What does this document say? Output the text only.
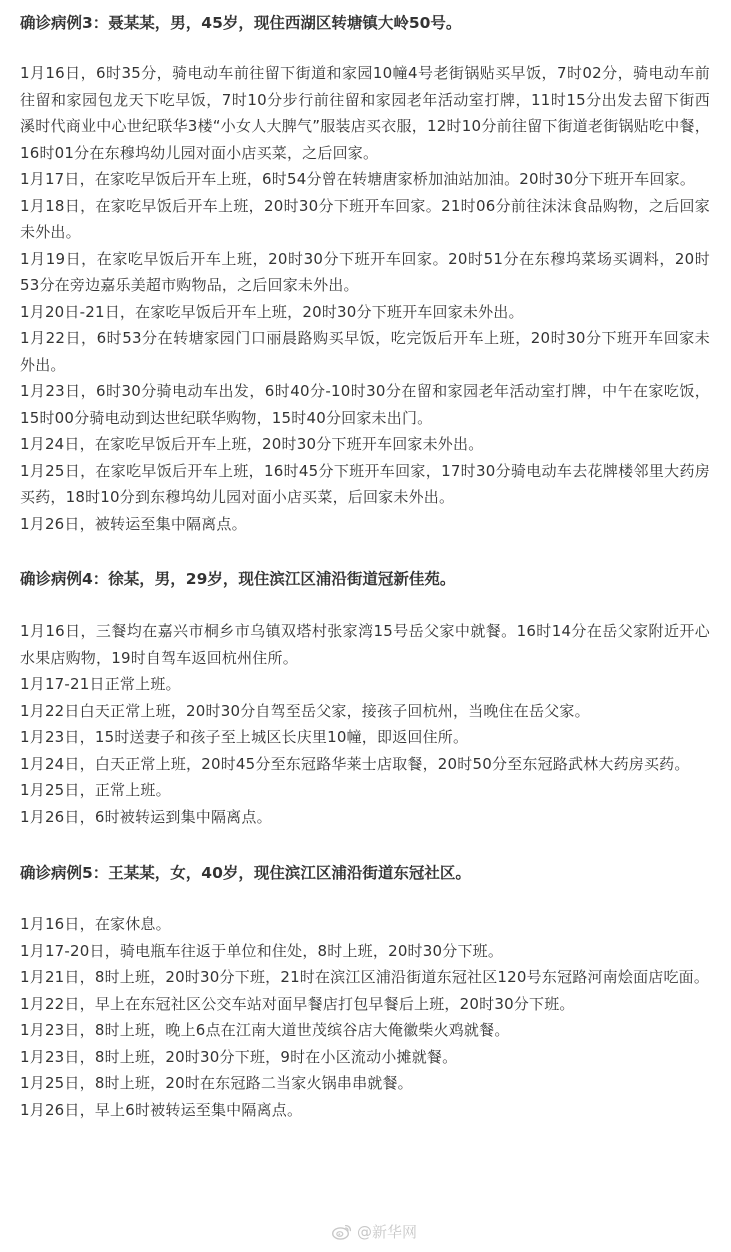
确诊病例3：聂某某，男，45岁，现住西湖区转塘镇大岭50号。

1月16日，6时35分，骑电动车前往留下街道和家园10幢4号老街锅贴买早饭，7时02分，骑电动车前往留和家园包龙天下吃早饭，7时10分步行前往留和家园老年活动室打牌，11时15分出发去留下街西溪时代商业中心世纪联华3楼“小女人大脾气”服装店买衣服，12时10分前往留下街道老街锅贴吃中餐，16时01分在东穆坞幼儿园对面小店买菜，之后回家。

1月17日，在家吃早饭后开车上班，6时54分曾在转塘唐家桥加油站加油。20时30分下班开车回家。

1月18日，在家吃早饭后开车上班，20时30分下班开车回家。21时06分前往沫沫食品购物，之后回家未外出。

1月19日，在家吃早饭后开车上班，20时30分下班开车回家。20时51分在东穆坞菜场买调料，20时53分在旁边嘉乐美超市购物品，之后回家未外出。

1月20日-21日，在家吃早饭后开车上班，20时30分下班开车回家未外出。

1月22日，6时53分在转塘家园门口丽晨路购买早饭，吃完饭后开车上班，20时30分下班开车回家未外出。

1月23日，6时30分骑电动车出发，6时40分-10时30分在留和家园老年活动室打牌，中午在家吃饭，15时00分骑电动到达世纪联华购物，15时40分回家未出门。

1月24日，在家吃早饭后开车上班，20时30分下班开车回家未外出。

1月25日，在家吃早饭后开车上班，16时45分下班开车回家，17时30分骑电动车去花牌楼邻里大药房买药，18时10分到东穆坞幼儿园对面小店买菜，后回家未外出。

1月26日，被转运至集中隔离点。

确诊病例4：徐某，男，29岁，现住滨江区浦沿街道冠新佳苑。

1月16日，三餐均在嘉兴市桐乡市乌镇双塔村张家湾15号岳父家中就餐。16时14分在岳父家附近开心水果店购物，19时自驾车返回杭州住所。

1月17-21日正常上班。

1月22日白天正常上班，20时30分自驾至岳父家，接孩子回杭州，当晚住在岳父家。

1月23日，15时送妻子和孩子至上城区长庆里10幢，即返回住所。

1月24日，白天正常上班，20时45分至东冠路华莱士店取餐，20时50分至东冠路武林大药房买药。

1月25日，正常上班。

1月26日，6时被转运到集中隔离点。

确诊病例5：王某某，女，40岁，现住滨江区浦沿街道东冠社区。

1月16日，在家休息。

1月17-20日，骑电瓶车往返于单位和住处，8时上班，20时30分下班。

1月21日，8时上班，20时30分下班，21时在滨江区浦沿街道东冠社区120号东冠路河南烩面店吃面。

1月22日，早上在东冠社区公交车站对面早餐店打包早餐后上班，20时30分下班。

1月23日，8时上班，晚上6点在江南大道世茂缤谷店大俺徽柴火鸡就餐。

1月23日，8时上班，20时30分下班，9时在小区流动小摊就餐。

1月25日，8时上班，20时在东冠路二当家火锅串串就餐。

1月26日，早上6时被转运至集中隔离点。

@新华网
